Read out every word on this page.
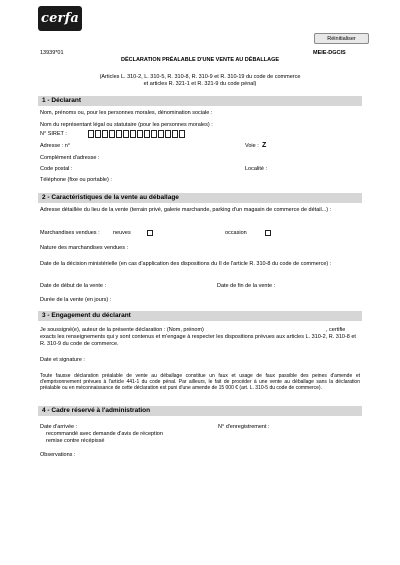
cerfa
Réinitialiser
13939*01	MEIE-DGCIS
DÉCLARATION PRÉALABLE D'UNE VENTE AU DÉBALLAGE
(Articles L. 310-2, L. 310-5, R. 310-8, R. 310-9 et R. 310-19 du code de commerce
et articles R. 321-1 et R. 321-9 du code pénal)
1 - Déclarant
Nom, prénoms ou, pour les personnes morales, dénomination sociale :
Nom du représentant légal ou statutaire (pour les personnes morales) :
N° SIRET :
Adresse : n°	Voie : Z
Complément d'adresse :
Code postal :	Localité :
Téléphone (fixe ou portable) :
2 - Caractéristiques de la vente au déballage
Adresse détaillée du lieu de la vente (terrain privé, galerie marchande, parking d'un magasin de commerce de détail...) :
Marchandises vendues : neuves	occasion
Nature des marchandises vendues :
Date de la décision ministérielle (en cas d'application des dispositions du II de l'article R. 310-8 du code de commerce) :
Date de début de la vente :	Date de fin de la vente :
Durée de la vente (en jours) :
3 - Engagement du déclarant
Je soussigné(e), auteur de la présente déclaration : (Nom, prénom)	, certifie
exacts les renseignements qui y sont contenus et m'engage à respecter les dispositions prévues aux articles L. 310-2, R. 310-8 et R. 310-9 du code de commerce.
Date et signature :
Toute fausse déclaration préalable de vente au déballage constitue un faux et usage de faux passible des peines d'amende et d'emprisonnement prévues à l'article 441-1 du code pénal. Par ailleurs, le fait de procéder à une vente au déballage sans la déclaration préalable ou en méconnaissance de cette déclaration est puni d'une amende de 15 000 € (art. L. 310-5 du code de commerce).
4 - Cadre réservé à l'administration
Date d'arrivée :	N° d'enregistrement :
recommandé avec demande d'avis de réception
remise contre récépissé
Observations :
